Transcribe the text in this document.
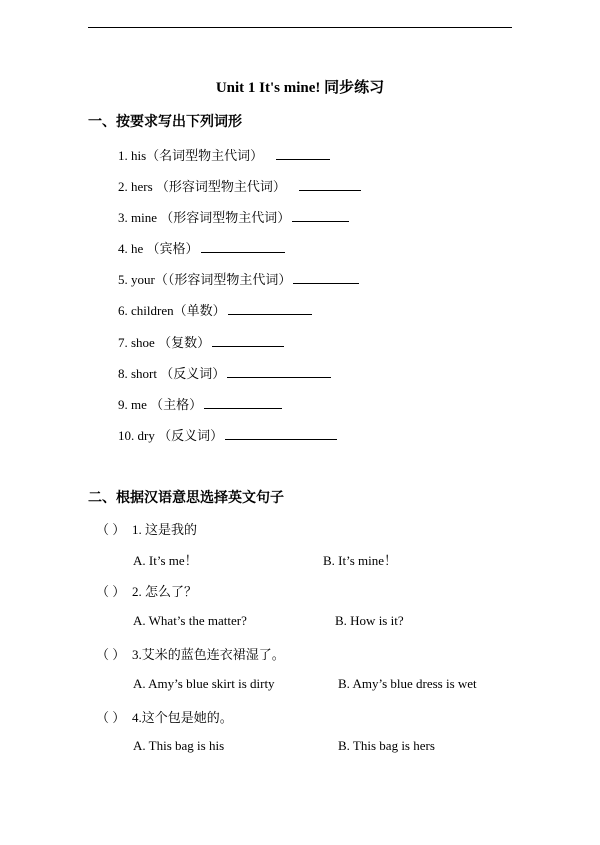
Unit 1 It's mine! 同步练习
一、按要求写出下列词形
1. his（名词型物主代词）
2. hers （形容词型物主代词）
3. mine （形容词型物主代词）
4. he （宾格）
5. your（（形容词型物主代词）
6. children（单数）
7. shoe （复数）
8. short （反义词）
9. me （主格）
10. dry （反义词）
二、根据汉语意思选择英文句子
（ ） 1. 这是我的
A. It’s me！	B. It’s mine！
（ ） 2. 怎么了？
A. What’s the matter?	B. How is it?
（ ） 3.艾米的蓝色连衣裙湿了。
A. Amy’s blue skirt is dirty	B. Amy’s blue dress is wet
（ ） 4.这个包是她的。
A. This bag is his	B. This bag is hers
